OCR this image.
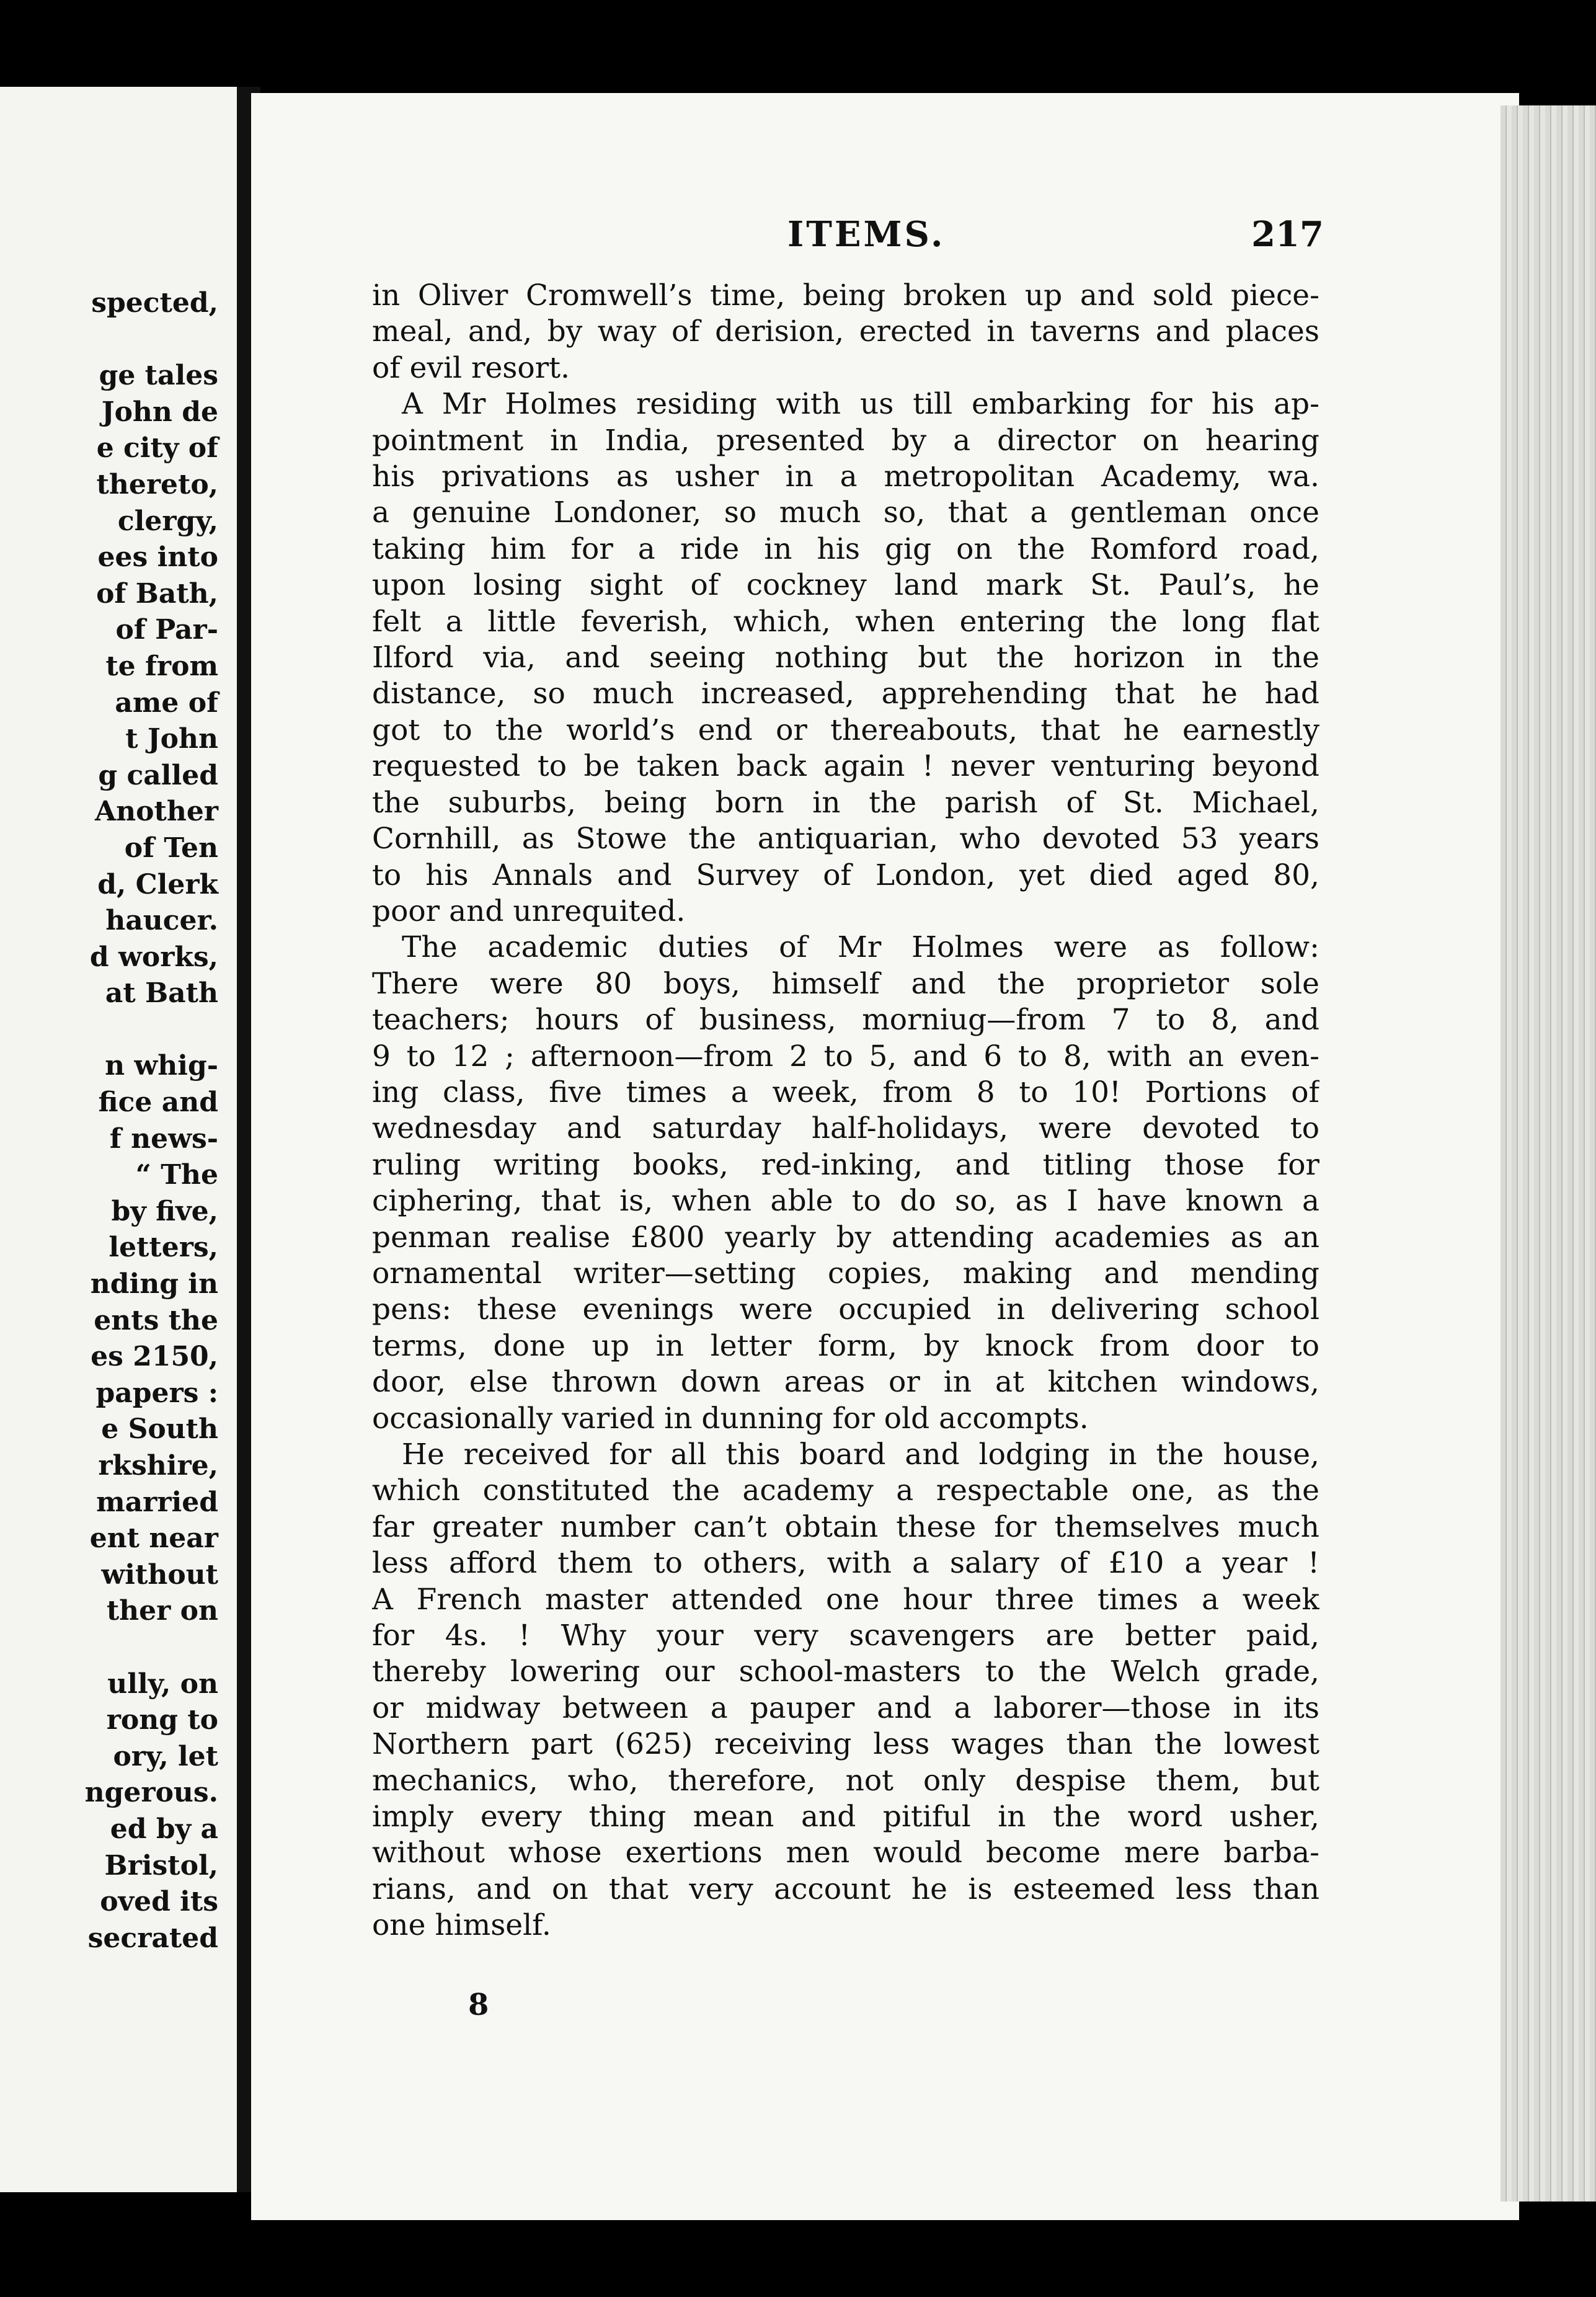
spected,
ge tales
John de
e city of
thereto,
clergy,
ees into
of Bath,
of Par-
te from
ame of
t John
g called
Another
of Ten
d, Clerk
haucer.
d works,
at Bath
n whig-
fice and
f news-
“ The
by five,
letters,
nding in
ents the
es 2150,
papers :
e South
rkshire,
married
ent near
without
ther on
ully, on
rong to
ory, let
ngerous.
ed by a
Bristol,
oved its
secrated
ITEMS.	217
in Oliver Cromwell’s time, being broken up and sold piece-
meal, and, by way of derision, erected in taverns and places
of evil resort.
A Mr Holmes residing with us till embarking for his ap-
pointment in India, presented by a director on hearing
his privations as usher in a metropolitan Academy, wa.
a genuine Londoner, so much so, that a gentleman once
taking him for a ride in his gig on the Romford road,
upon losing sight of cockney land mark St. Paul’s, he
felt a little feverish, which, when entering the long flat
Ilford via, and seeing nothing but the horizon in the
distance, so much increased, apprehending that he had
got to the world’s end or thereabouts, that he earnestly
requested to be taken back again ! never venturing beyond
the suburbs, being born in the parish of St. Michael,
Cornhill, as Stowe the antiquarian, who devoted 53 years
to his Annals and Survey of London, yet died aged 80,
poor and unrequited.
The academic duties of Mr Holmes were as follow:
There were 80 boys, himself and the proprietor sole
teachers; hours of business, morniug—from 7 to 8, and
9 to 12 ; afternoon—from 2 to 5, and 6 to 8, with an even-
ing class, five times a week, from 8 to 10! Portions of
wednesday and saturday half-holidays, were devoted to
ruling writing books, red-inking, and titling those for
ciphering, that is, when able to do so, as I have known a
penman realise £800 yearly by attending academies as an
ornamental writer—setting copies, making and mending
pens: these evenings were occupied in delivering school
terms, done up in letter form, by knock from door to
door, else thrown down areas or in at kitchen windows,
occasionally varied in dunning for old accompts.
He received for all this board and lodging in the house,
which constituted the academy a respectable one, as the
far greater number can’t obtain these for themselves much
less afford them to others, with a salary of £10 a year !
A French master attended one hour three times a week
for 4s. ! Why your very scavengers are better paid,
thereby lowering our school-masters to the Welch grade,
or midway between a pauper and a laborer—those in its
Northern part (625) receiving less wages than the lowest
mechanics, who, therefore, not only despise them, but
imply every thing mean and pitiful in the word usher,
without whose exertions men would become mere barba-
rians, and on that very account he is esteemed less than
one himself.
8
